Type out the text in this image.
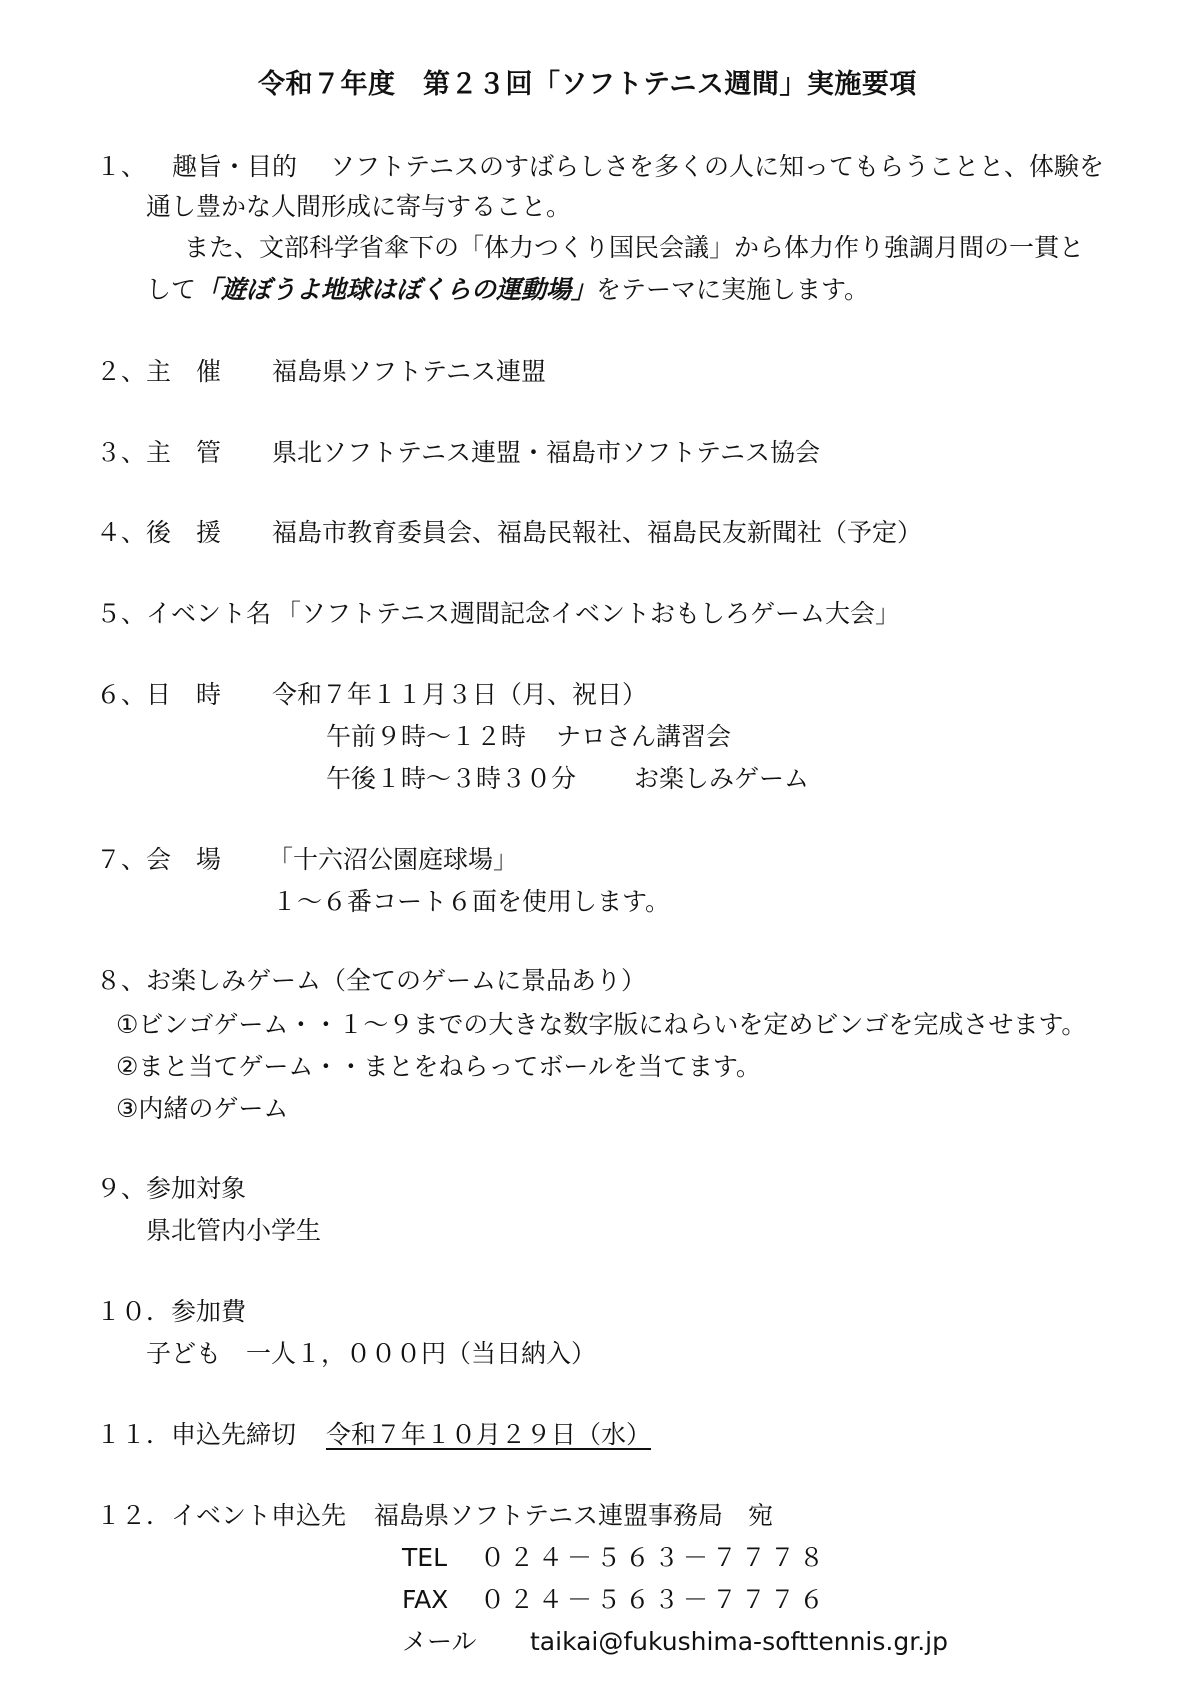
令和７年度　第２３回「ソフトテニス週間」実施要項
１、 趣旨・目的 ソフトテニスのすばらしさを多くの人に知ってもらうことと、体験を
通し豊かな人間形成に寄与すること。
また、文部科学省傘下の「体力つくり国民会議」から体力作り強調月間の一貫と
して「遊ぼうよ地球はぼくらの運動場」をテーマに実施します。
２、主　催 福島県ソフトテニス連盟
３、主　管 県北ソフトテニス連盟・福島市ソフトテニス協会
４、後　援 福島市教育委員会、福島民報社、福島民友新聞社（予定）
５、イベント名 「ソフトテニス週間記念イベントおもしろゲーム大会」
６、日　時 令和７年１１月３日（月、祝日）
午前９時～１２時 ナロさん講習会
午後１時～３時３０分 お楽しみゲーム
７、会　場 「十六沼公園庭球場」
１～６番コート６面を使用します。
８、お楽しみゲーム（全てのゲームに景品あり）
①ビンゴゲーム・・１～９までの大きな数字版にねらいを定めビンゴを完成させます。
②まと当てゲーム・・まとをねらってボールを当てます。
③内緒のゲーム
９、参加対象
県北管内小学生
１０．参加費
子ども　一人１，０００円（当日納入）
１１．申込先締切 令和７年１０月２９日（水）
１２．イベント申込先 福島県ソフトテニス連盟事務局　宛
TEL ０２４－５６３－７７７８
FAX ０２４－５６３－７７７６
メール taikai@fukushima-softtennis.gr.jp
